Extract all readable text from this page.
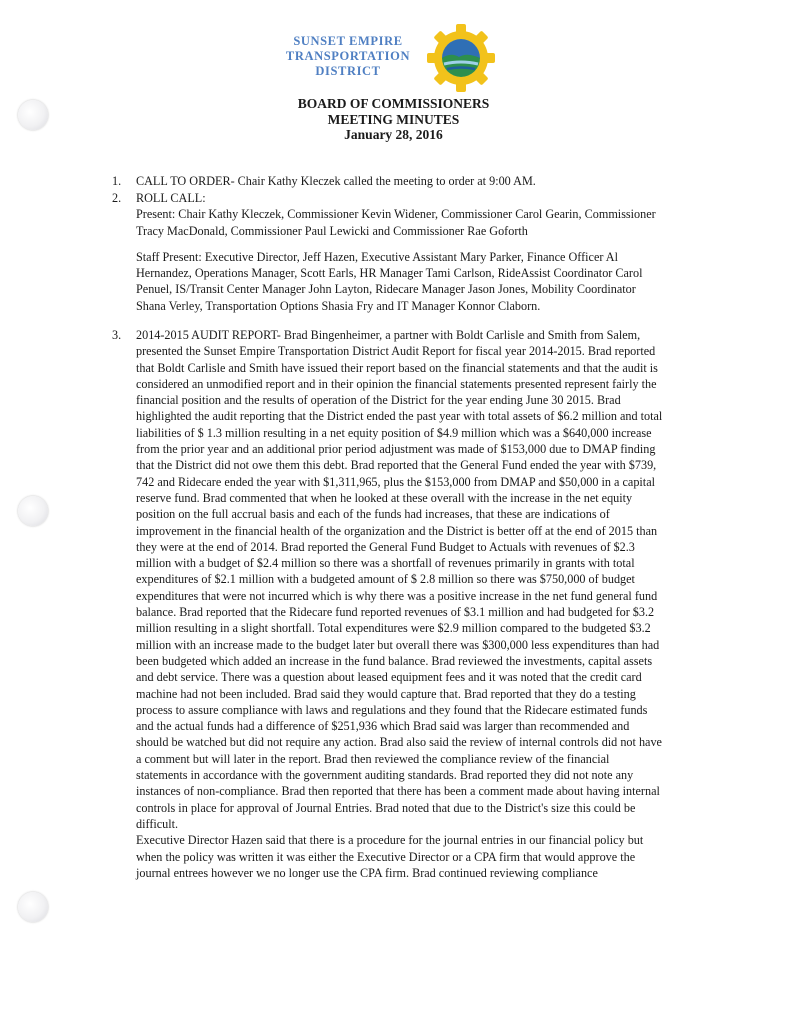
SUNSET EMPIRE
TRANSPORTATION
DISTRICT
BOARD OF COMMISSIONERS
MEETING MINUTES
January 28, 2016
1. CALL TO ORDER- Chair Kathy Kleczek called the meeting to order at 9:00 AM.
2. ROLL CALL:
Present: Chair Kathy Kleczek, Commissioner Kevin Widener, Commissioner Carol Gearin, Commissioner
Tracy MacDonald, Commissioner Paul Lewicki and Commissioner Rae Goforth
Staff Present: Executive Director, Jeff Hazen, Executive Assistant Mary Parker, Finance Officer Al
Hernandez, Operations Manager, Scott Earls, HR Manager Tami Carlson, RideAssist Coordinator Carol
Penuel, IS/Transit Center Manager John Layton, Ridecare Manager Jason Jones, Mobility Coordinator
Shana Verley, Transportation Options Shasia Fry and IT Manager Konnor Claborn.
3. 2014-2015 AUDIT REPORT- Brad Bingenheimer, a partner with Boldt Carlisle and Smith from Salem,
presented the Sunset Empire Transportation District Audit Report for fiscal year 2014-2015. Brad reported
that Boldt Carlisle and Smith have issued their report based on the financial statements and that the audit is
considered an unmodified report and in their opinion the financial statements presented represent fairly the
financial position and the results of operation of the District for the year ending June 30 2015. Brad
highlighted the audit reporting that the District ended the past year with total assets of $6.2 million and total
liabilities of $ 1.3 million resulting in a net equity position of $4.9 million which was a $640,000 increase
from the prior year and an additional prior period adjustment was made of $153,000 due to DMAP finding
that the District did not owe them this debt. Brad reported that the General Fund ended the year with $739,
742 and Ridecare ended the year with $1,311,965, plus the $153,000 from DMAP and $50,000 in a capital
reserve fund. Brad commented that when he looked at these overall with the increase in the net equity
position on the full accrual basis and each of the funds had increases, that these are indications of
improvement in the financial health of the organization and the District is better off at the end of 2015 than
they were at the end of 2014. Brad reported the General Fund Budget to Actuals with revenues of $2.3
million with a budget of $2.4 million so there was a shortfall of revenues primarily in grants with total
expenditures of $2.1 million with a budgeted amount of $ 2.8 million so there was $750,000 of budget
expenditures that were not incurred which is why there was a positive increase in the net fund general fund
balance. Brad reported that the Ridecare fund reported revenues of $3.1 million and had budgeted for $3.2
million resulting in a slight shortfall. Total expenditures were $2.9 million compared to the budgeted $3.2
million with an increase made to the budget later but overall there was $300,000 less expenditures than had
been budgeted which added an increase in the fund balance. Brad reviewed the investments, capital assets
and debt service. There was a question about leased equipment fees and it was noted that the credit card
machine had not been included. Brad said they would capture that. Brad reported that they do a testing
process to assure compliance with laws and regulations and they found that the Ridecare estimated funds
and the actual funds had a difference of $251,936 which Brad said was larger than recommended and
should be watched but did not require any action. Brad also said the review of internal controls did not have
a comment but will later in the report. Brad then reviewed the compliance review of the financial
statements in accordance with the government auditing standards. Brad reported they did not note any
instances of non-compliance. Brad then reported that there has been a comment made about having internal
controls in place for approval of Journal Entries. Brad noted that due to the District's size this could be
difficult.
Executive Director Hazen said that there is a procedure for the journal entries in our financial policy but
when the policy was written it was either the Executive Director or a CPA firm that would approve the
journal entrees however we no longer use the CPA firm. Brad continued reviewing compliance
